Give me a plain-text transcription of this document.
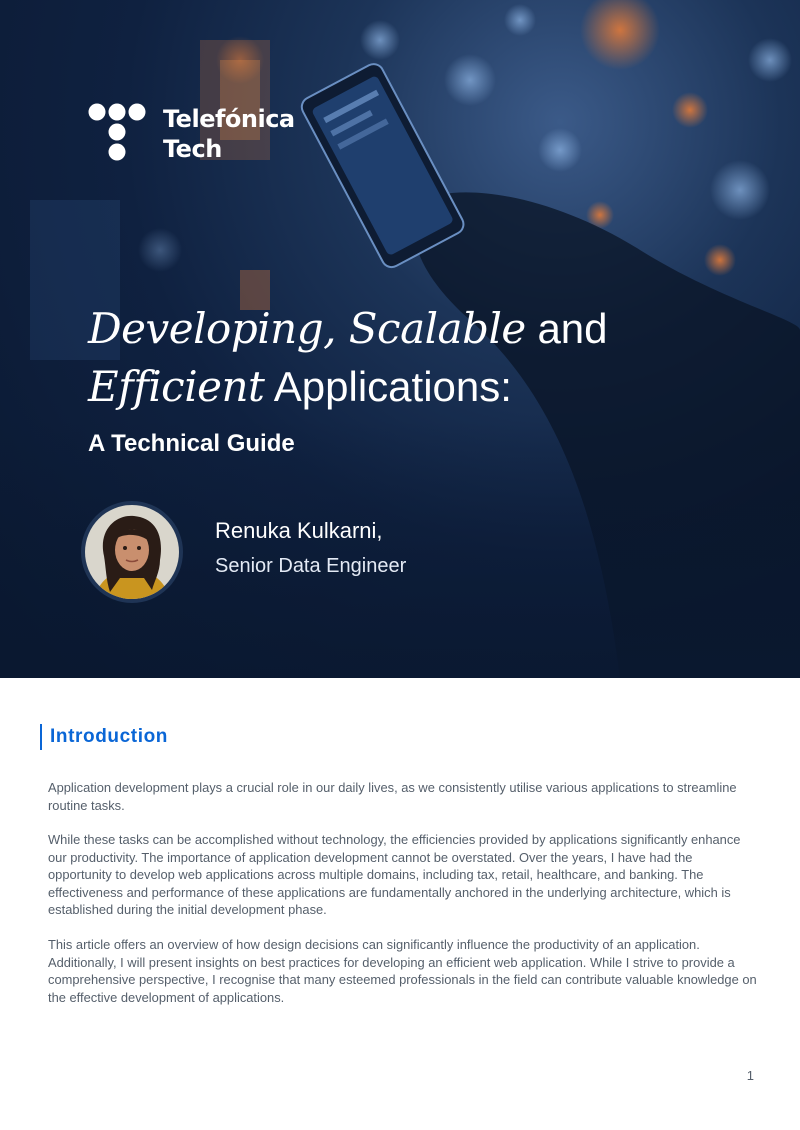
Telefónica
Tech
Developing, Scalable and
Efficient Applications:
A Technical Guide
Renuka Kulkarni,
Senior Data Engineer
Introduction

Application development plays a crucial role in our daily lives, as we consistently utilise various applications to streamline routine tasks.

While these tasks can be accomplished without technology, the efficiencies provided by applications significantly enhance our productivity. The importance of application development cannot be overstated. Over the years, I have had the opportunity to develop web applications across multiple domains, including tax, retail, healthcare, and banking. The effectiveness and performance of these applications are fundamentally anchored in the underlying architecture, which is established during the initial development phase.

This article offers an overview of how design decisions can significantly influence the productivity of an application. Additionally, I will present insights on best practices for developing an efficient web application. While I strive to provide a comprehensive perspective, I recognise that many esteemed professionals in the field can contribute valuable knowledge on the effective development of applications.

1
